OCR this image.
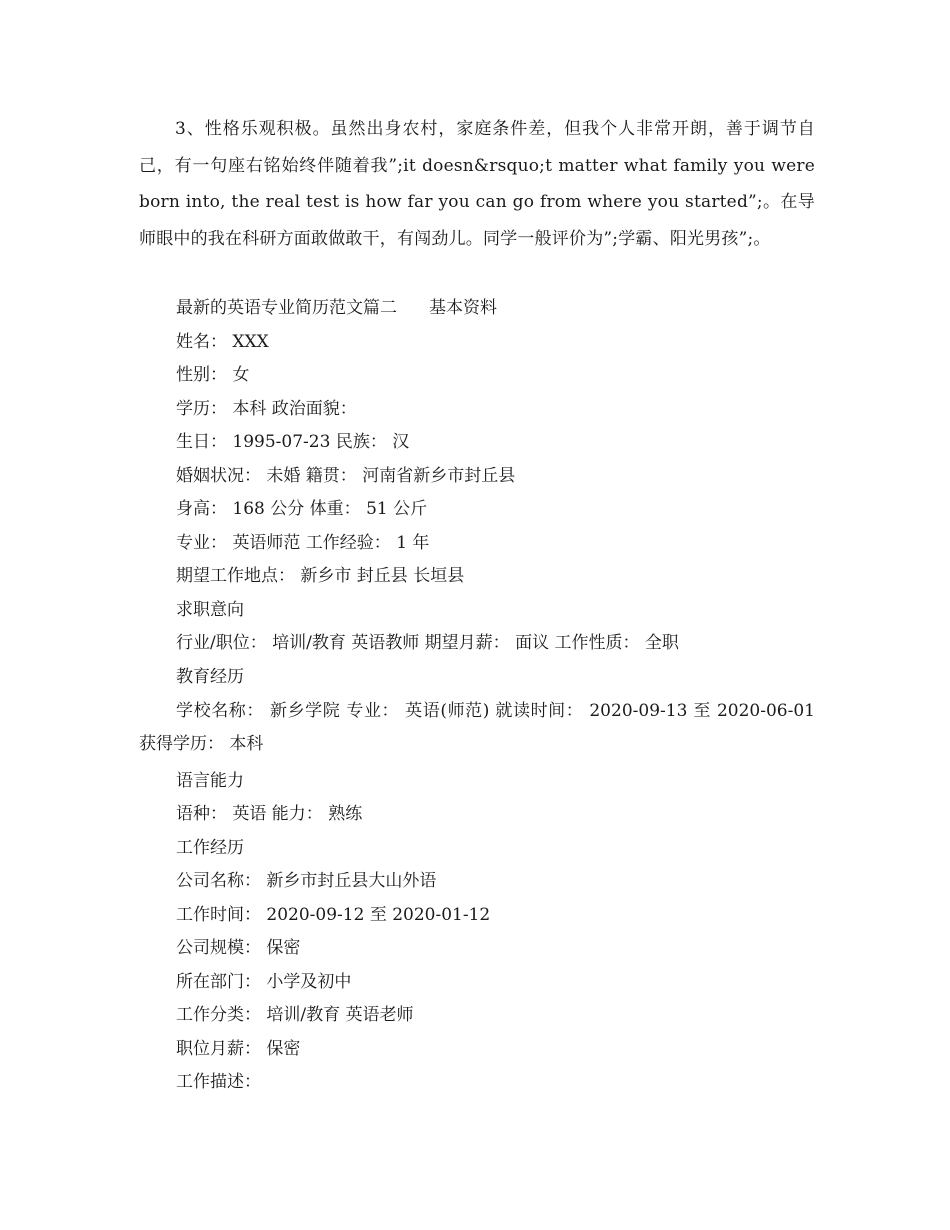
3、性格乐观积极。虽然出身农村，家庭条件差，但我个人非常开朗，善于调节自己，有一句座右铭始终伴随着我”;it doesn&rsquo;t matter what family you were born into, the real test is how far you can go from where you started”;。在导师眼中的我在科研方面敢做敢干，有闯劲儿。同学一般评价为”;学霸、阳光男孩”;。

最新的英语专业简历范文篇二 基本资料
姓名： XXX
性别： 女
学历： 本科 政治面貌：
生日： 1995-07-23 民族： 汉
婚姻状况： 未婚 籍贯： 河南省新乡市封丘县
身高： 168 公分 体重： 51 公斤
专业： 英语师范 工作经验： 1 年
期望工作地点： 新乡市 封丘县 长垣县
求职意向
行业/职位： 培训/教育 英语教师 期望月薪： 面议 工作性质： 全职
教育经历

学校名称： 新乡学院 专业： 英语(师范) 就读时间： 2020-09-13 至 2020-06-01 获得学历： 本科

语言能力
语种： 英语 能力： 熟练
工作经历
公司名称： 新乡市封丘县大山外语
工作时间： 2020-09-12 至 2020-01-12
公司规模： 保密
所在部门： 小学及初中
工作分类： 培训/教育 英语老师
职位月薪： 保密
工作描述：
